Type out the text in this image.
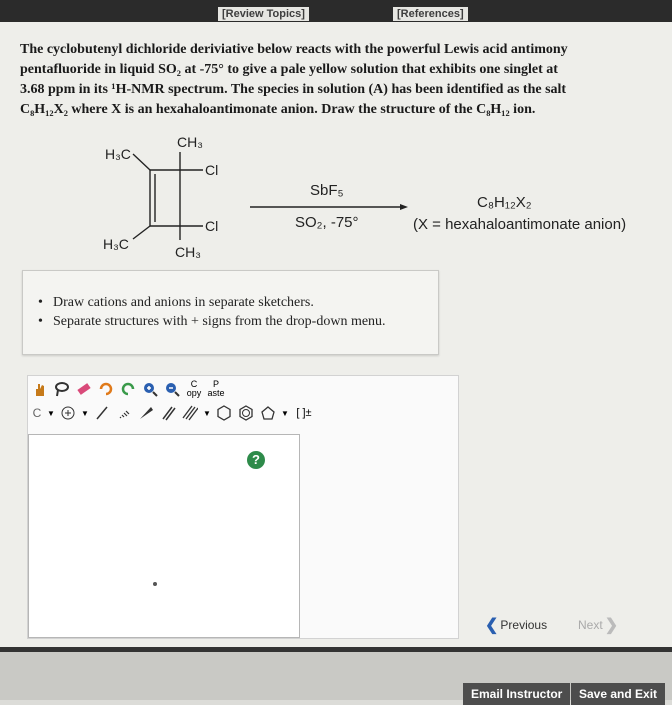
[Review Topics]	[References]
The cyclobutenyl dichloride deriviative below reacts with the powerful Lewis acid antimony
pentafluoride in liquid SO₂ at -75° to give a pale yellow solution that exhibits one singlet at
3.68 ppm in its ¹H-NMR spectrum. The species in solution (A) has been identified as the salt
C₈H₁₂X₂ where X is an hexahaloantimonate anion. Draw the structure of the C₈H₁₂ ion.
CH₃
H₃C
Cl
Cl
H₃C	CH₃
SbF₅
SO₂, -75°
C₈H₁₂X₂
(X = hexahaloantimonate anion)
• Draw cations and anions in separate sketchers.
• Separate structures with + signs from the drop-down menu.
C
opy
P
aste
C ▼	▼	▼	▼ [ ]±
?
❮ Previous	Next ❯
Email Instructor	Save and Exit
